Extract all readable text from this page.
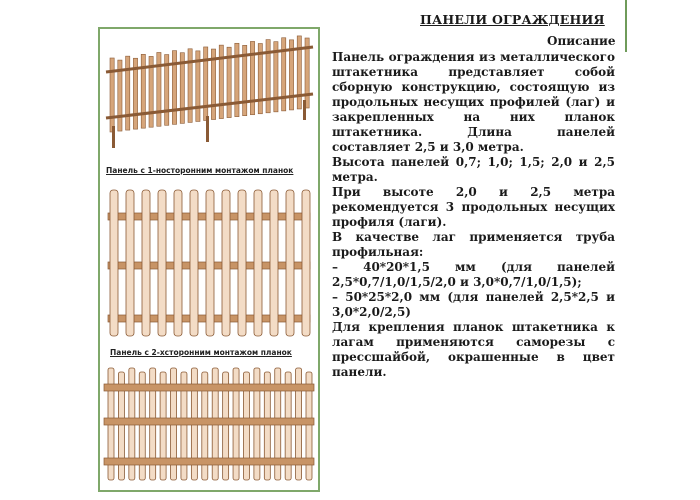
Панель с 1-носторонним монтажом планок
Панель с 2-хсторонним монтажом планок
ПАНЕЛИ ОГРАЖДЕНИЯ
Описание

Панель ограждения из металлического штакетника представляет собой сборную конструкцию, состоящую из продольных несущих профилей (лаг) и закрепленных на них планок штакетника. Длина панелей составляет 2,5 и 3,0 метра.

Высота панелей 0,7; 1,0; 1,5; 2,0 и 2,5 метра.

При высоте 2,0 и 2,5 метра рекомендуется 3 продольных несущих профиля (лаги).

В качестве лаг применяется труба профильная:

– 40*20*1,5 мм (для панелей 2,5*0,7/1,0/1,5/2,0 и 3,0*0,7/1,0/1,5);

– 50*25*2,0 мм (для панелей 2,5*2,5 и 3,0*2,0/2,5)

Для крепления планок штакетника к лагам применяются саморезы с прессшайбой, окрашенные в цвет панели.
